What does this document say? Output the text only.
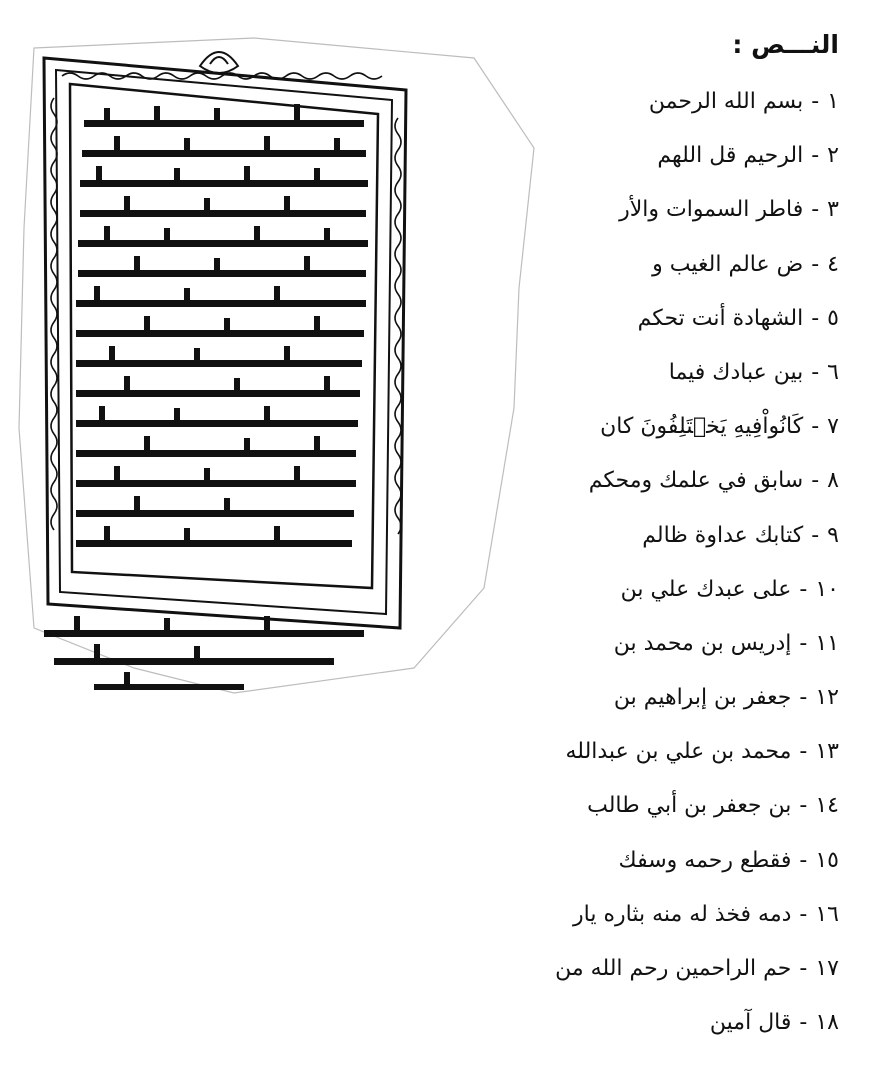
النـــص :
١-بسم الله الرحمن
٢-الرحيم قل اللهم
٣-فاطر السموات والأر
٤-ض عالم الغيب و
٥-الشهادة أنت تحكم
٦-بين عبادك فيما
٧-كَانُواْفِيهِ يَخۡتَلِفُونَ كان
٨-سابق في علمك ومحكم
٩-كتابك عداوة ظالم
١٠-على عبدك علي بن
١١-إدريس بن محمد بن
١٢-جعفر بن إبراهيم بن
١٣-محمد بن علي بن عبدالله
١٤-بن جعفر بن أبي طالب
١٥-فقطع رحمه وسفك
١٦-دمه فخذ له منه بثاره يار
١٧-حم الراحمين رحم الله من
١٨-قال آمين
